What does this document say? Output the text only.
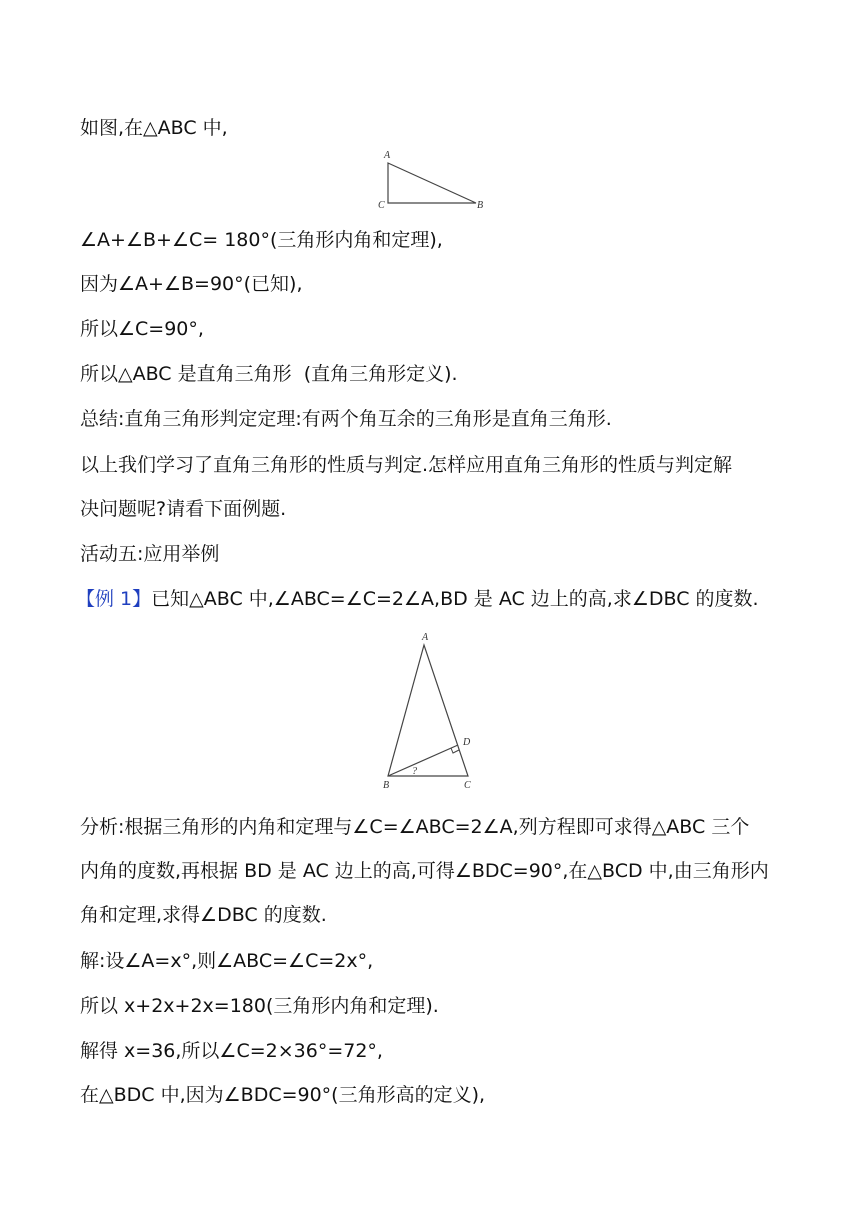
如图,在△ABC 中,

A
C	B

∠A+∠B+∠C= 180°(三角形内角和定理),

因为∠A+∠B=90°(已知),

所以∠C=90°,

所以△ABC 是直角三角形  (直角三角形定义).

总结:直角三角形判定定理:有两个角互余的三角形是直角三角形.

以上我们学习了直角三角形的性质与判定.怎样应用直角三角形的性质与判定解

决问题呢?请看下面例题.

活动五:应用举例

【例 1】已知△ABC 中,∠ABC=∠C=2∠A,BD 是 AC 边上的高,求∠DBC 的度数.

A
D
B	C
?

分析:根据三角形的内角和定理与∠C=∠ABC=2∠A,列方程即可求得△ABC 三个

内角的度数,再根据 BD 是 AC 边上的高,可得∠BDC=90°,在△BCD 中,由三角形内

角和定理,求得∠DBC 的度数.

解:设∠A=x°,则∠ABC=∠C=2x°,

所以 x+2x+2x=180(三角形内角和定理).

解得 x=36,所以∠C=2×36°=72°,

在△BDC 中,因为∠BDC=90°(三角形高的定义),
